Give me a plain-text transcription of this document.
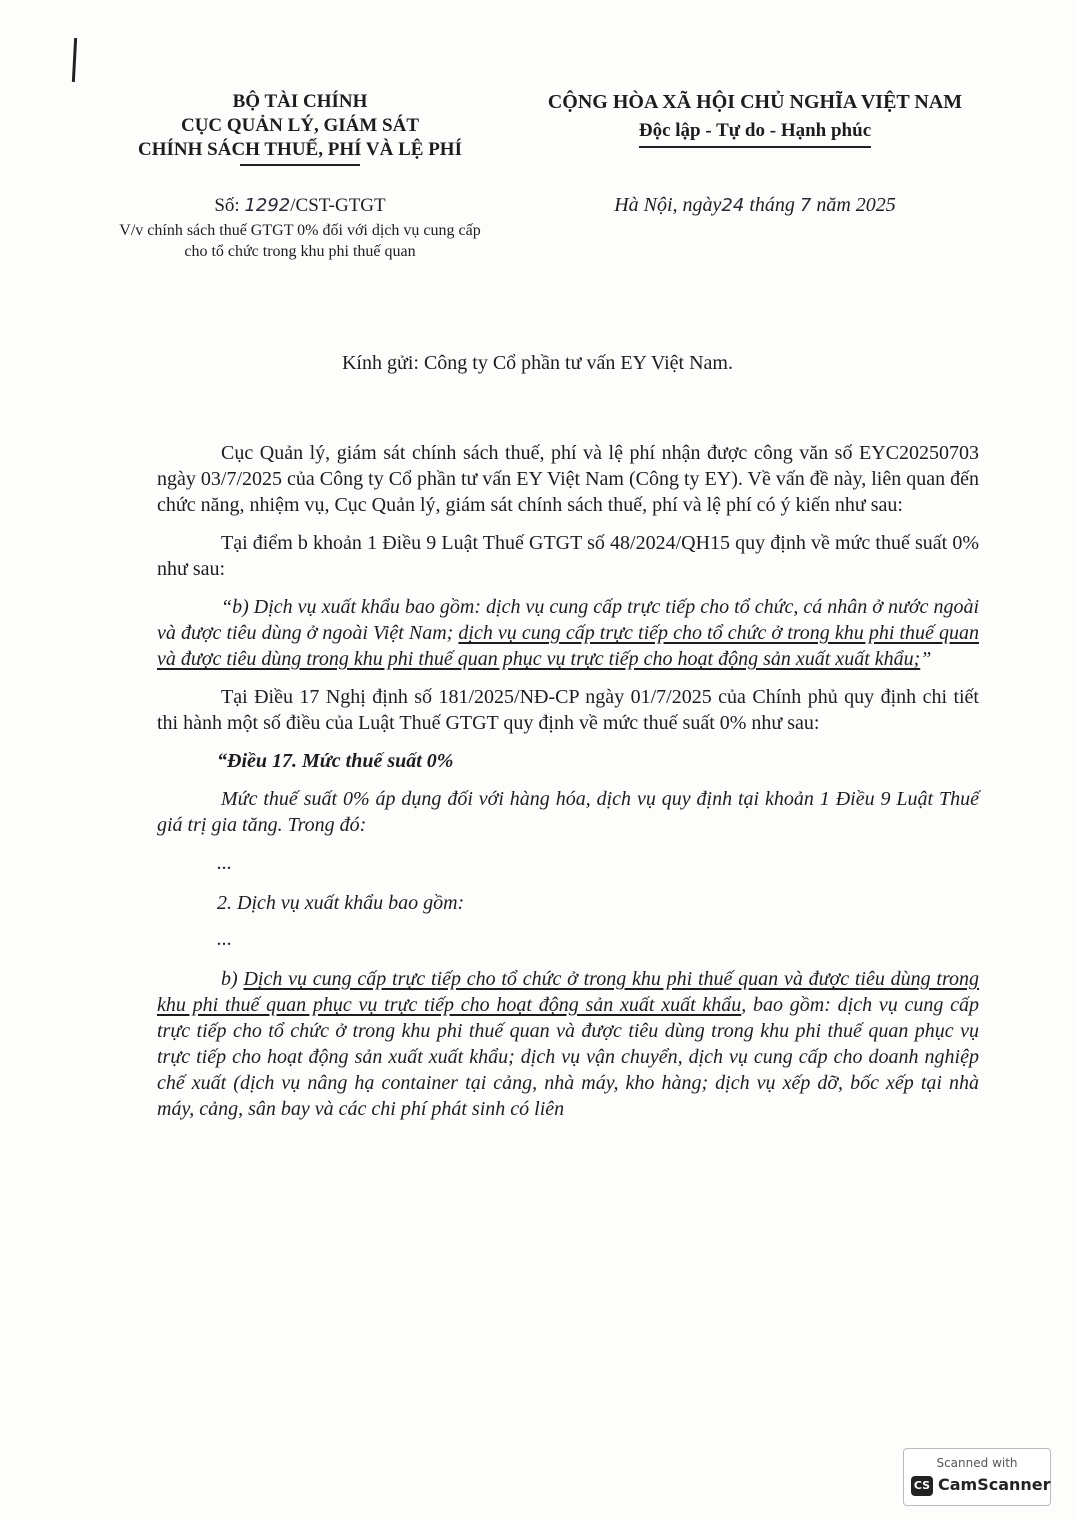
BỘ TÀI CHÍNH
CỤC QUẢN LÝ, GIÁM SÁT
CHÍNH SÁCH THUẾ, PHÍ VÀ LỆ PHÍ
CỘNG HÒA XÃ HỘI CHỦ NGHĨA VIỆT NAM
Độc lập - Tự do - Hạnh phúc
Số: 1292/CST-GTGT
V/v chính sách thuế GTGT 0% đối với dịch vụ cung cấp cho tổ chức trong khu phi thuế quan
Hà Nội, ngày24 tháng 7 năm 2025
Kính gửi: Công ty Cổ phần tư vấn EY Việt Nam.

Cục Quản lý, giám sát chính sách thuế, phí và lệ phí nhận được công văn số EYC20250703 ngày 03/7/2025 của Công ty Cổ phần tư vấn EY Việt Nam (Công ty EY). Về vấn đề này, liên quan đến chức năng, nhiệm vụ, Cục Quản lý, giám sát chính sách thuế, phí và lệ phí có ý kiến như sau:

Tại điểm b khoản 1 Điều 9 Luật Thuế GTGT số 48/2024/QH15 quy định về mức thuế suất 0% như sau:

“b) Dịch vụ xuất khẩu bao gồm: dịch vụ cung cấp trực tiếp cho tổ chức, cá nhân ở nước ngoài và được tiêu dùng ở ngoài Việt Nam; dịch vụ cung cấp trực tiếp cho tổ chức ở trong khu phi thuế quan và được tiêu dùng trong khu phi thuế quan phục vụ trực tiếp cho hoạt động sản xuất xuất khẩu;”

Tại Điều 17 Nghị định số 181/2025/NĐ-CP ngày 01/7/2025 của Chính phủ quy định chi tiết thi hành một số điều của Luật Thuế GTGT quy định về mức thuế suất 0% như sau:

“Điều 17. Mức thuế suất 0%

Mức thuế suất 0% áp dụng đối với hàng hóa, dịch vụ quy định tại khoản 1 Điều 9 Luật Thuế giá trị gia tăng. Trong đó:

...
2. Dịch vụ xuất khẩu bao gồm:
...

b) Dịch vụ cung cấp trực tiếp cho tổ chức ở trong khu phi thuế quan và được tiêu dùng trong khu phi thuế quan phục vụ trực tiếp cho hoạt động sản xuất xuất khẩu, bao gồm: dịch vụ cung cấp trực tiếp cho tổ chức ở trong khu phi thuế quan và được tiêu dùng trong khu phi thuế quan phục vụ trực tiếp cho hoạt động sản xuất xuất khẩu; dịch vụ vận chuyển, dịch vụ cung cấp cho doanh nghiệp chế xuất (dịch vụ nâng hạ container tại cảng, nhà máy, kho hàng; dịch vụ xếp dỡ, bốc xếp tại nhà máy, cảng, sân bay và các chi phí phát sinh có liên

Scanned with
CS CamScanner
